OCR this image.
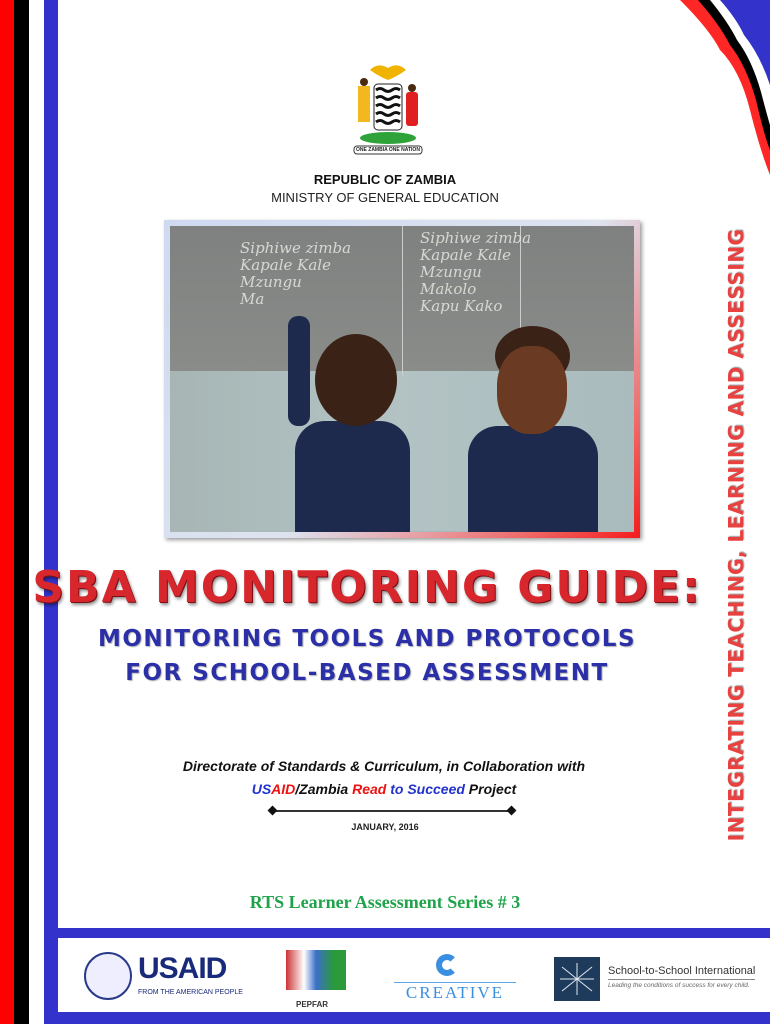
ONE ZAMBIA ONE NATION
REPUBLIC OF ZAMBIA
MINISTRY OF GENERAL EDUCATION
Siphiwe zimba
Kapale Kale
Mzungu
Ma
Siphiwe zimba
Kapale Kale
Mzungu
Makolo
Kapu Kako
SBA MONITORING GUIDE:
MONITORING TOOLS AND PROTOCOLS
FOR SCHOOL-BASED ASSESSMENT	INTEGRATING TEACHING, LEARNING AND ASSESSING
Directorate of Standards & Curriculum, in Collaboration with
USAID/Zambia Read to Succeed Project
JANUARY, 2016
RTS Learner Assessment Series # 3
USAID
FROM THE AMERICAN PEOPLE
PEPFAR
CREATIVE
School-to-School International
Leading the conditions of success for every child.
